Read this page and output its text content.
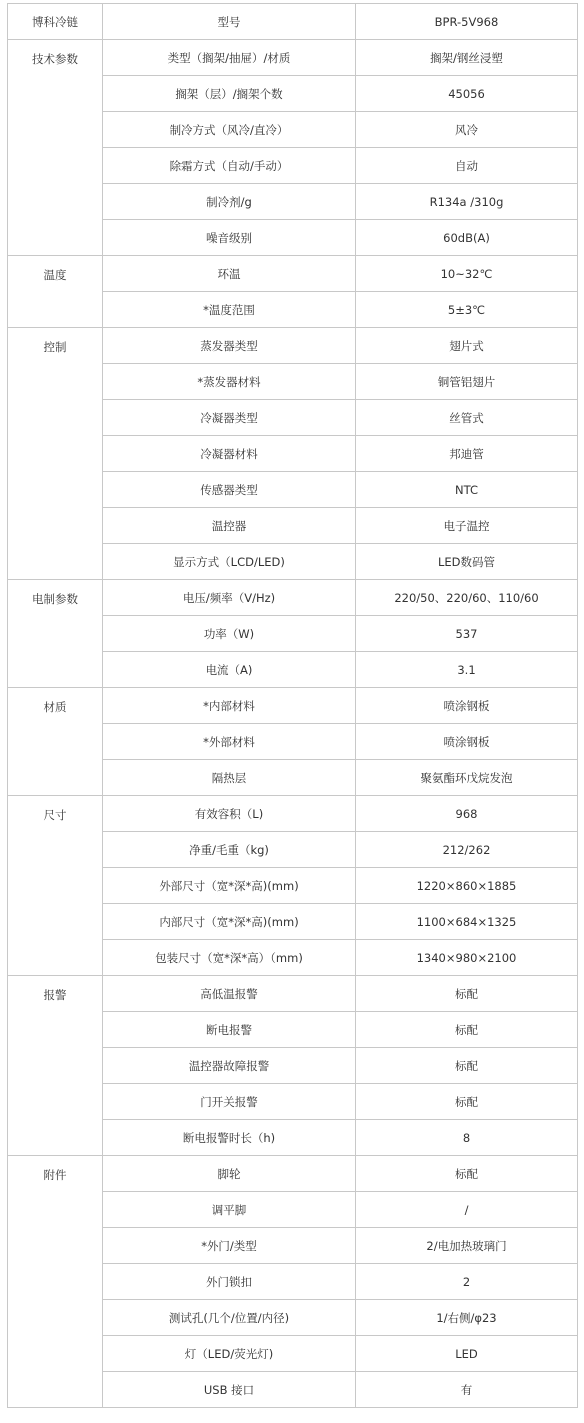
博科冷链	型号	BPR-5V968
技术参数	类型（搁架/抽屉）/材质	搁架/钢丝浸塑
	搁架（层）/搁架个数	45056
	制冷方式（风冷/直冷）	风冷
	除霜方式（自动/手动）	自动
	制冷剂/g	R134a /310g
	噪音级别	60dB(A)
温度	环温	10~32℃
	*温度范围	5±3℃
控制	蒸发器类型	翅片式
	*蒸发器材料	铜管铝翅片
	冷凝器类型	丝管式
	冷凝器材料	邦迪管
	传感器类型	NTC
	温控器	电子温控
	显示方式（LCD/LED)	LED数码管
电制参数	电压/频率（V/Hz)	220/50、220/60、110/60
	功率（W)	537
	电流（A)	3.1
材质	*内部材料	喷涂钢板
	*外部材料	喷涂钢板
	隔热层	聚氨酯环戊烷发泡
尺寸	有效容积（L)	968
	净重/毛重（kg)	212/262
	外部尺寸（宽*深*高)(mm)	1220×860×1885
	内部尺寸（宽*深*高)(mm)	1100×684×1325
	包装尺寸（宽*深*高）（mm)	1340×980×2100
报警	高低温报警	标配
	断电报警	标配
	温控器故障报警	标配
	门开关报警	标配
	断电报警时长（h)	8
附件	脚轮	标配
	调平脚	/
	*外门/类型	2/电加热玻璃门
	外门锁扣	2
	测试孔(几个/位置/内径)	1/右侧/φ23
	灯（LED/荧光灯)	LED
	USB 接口	有
